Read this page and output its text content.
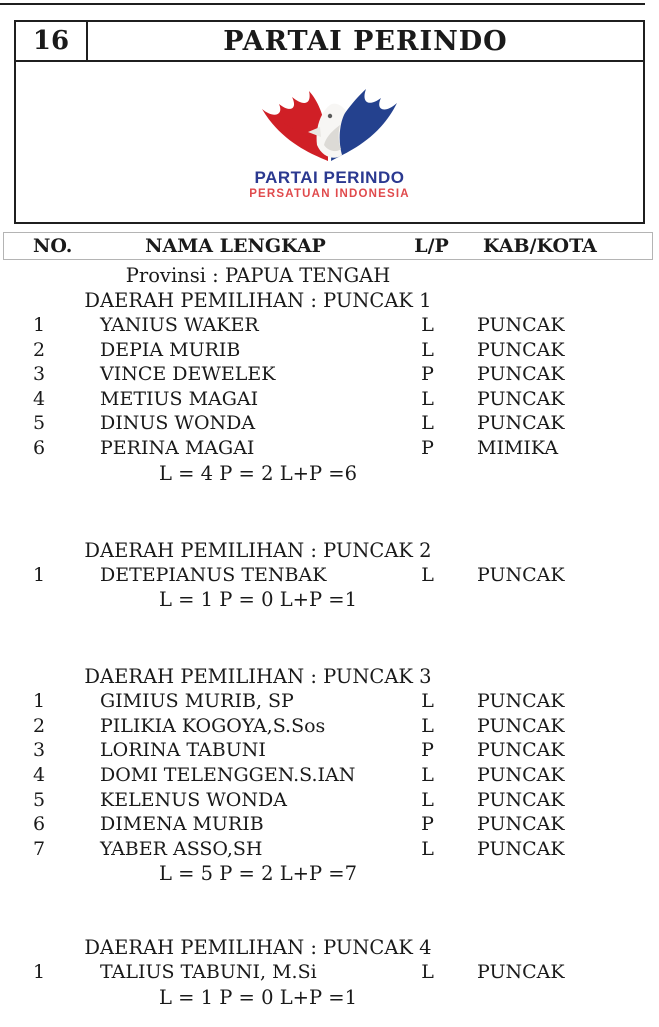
16	PARTAI PERINDO
PARTAI PERINDO
PERSATUAN INDONESIA
NO.	NAMA LENGKAP	L/P	KAB/KOTA
Provinsi : PAPUA TENGAH
DAERAH PEMILIHAN : PUNCAK 1
1	YANIUS WAKER	L	PUNCAK
2	DEPIA MURIB	L	PUNCAK
3	VINCE DEWELEK	P	PUNCAK
4	METIUS MAGAI	L	PUNCAK
5	DINUS WONDA	L	PUNCAK
6	PERINA MAGAI	P	MIMIKA
L = 4 P = 2 L+P =6
DAERAH PEMILIHAN : PUNCAK 2
1	DETEPIANUS TENBAK	L	PUNCAK
L = 1 P = 0 L+P =1
DAERAH PEMILIHAN : PUNCAK 3
1	GIMIUS MURIB, SP	L	PUNCAK
2	PILIKIA KOGOYA,S.Sos	L	PUNCAK
3	LORINA TABUNI	P	PUNCAK
4	DOMI TELENGGEN.S.IAN	L	PUNCAK
5	KELENUS WONDA	L	PUNCAK
6	DIMENA MURIB	P	PUNCAK
7	YABER ASSO,SH	L	PUNCAK
L = 5 P = 2 L+P =7
DAERAH PEMILIHAN : PUNCAK 4
1	TALIUS TABUNI, M.Si	L	PUNCAK
L = 1 P = 0 L+P =1
